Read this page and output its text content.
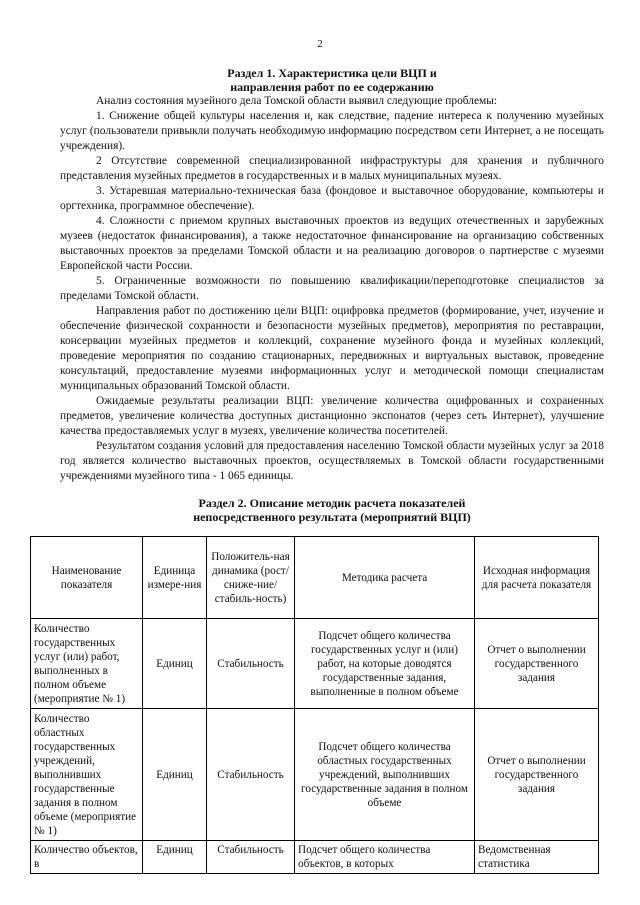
2
Раздел 1. Характеристика цели ВЦП и
направления работ по ее содержанию

Анализ состояния музейного дела Томской области выявил следующие проблемы:

1. Снижение общей культуры населения и, как следствие, падение интереса к получению музейных услуг (пользователи привыкли получать необходимую информацию посредством сети Интернет, а не посещать учреждения).

2 Отсутствие современной специализированной инфраструктуры для хранения и публичного представления музейных предметов в государственных и в малых муниципальных музеях.

3. Устаревшая материально-техническая база (фондовое и выставочное оборудование, компьютеры и оргтехника, программное обеспечение).

4. Сложности с приемом крупных выставочных проектов из ведущих отечественных и зарубежных музеев (недостаток финансирования), а также недостаточное финансирование на организацию собственных выставочных проектов за пределами Томской области и на реализацию договоров о партнерстве с музеями Европейской части России.

5. Ограниченные возможности по повышению квалификации/переподготовке специалистов за пределами Томской области.

Направления работ по достижению цели ВЦП: оцифровка предметов (формирование, учет, изучение и обеспечение физической сохранности и безопасности музейных предметов), мероприятия по реставрации, консервации музейных предметов и коллекций, сохранение музейного фонда и музейных коллекций, проведение мероприятия по созданию стационарных, передвижных и виртуальных выставок, проведение консультаций, предоставление музеями информационных услуг и методической помощи специалистам муниципальных образований Томской области.

Ожидаемые результаты реализации ВЦП: увеличение количества оцифрованных и сохраненных предметов, увеличение количества доступных дистанционно экспонатов (через сеть Интернет), улучшение качества предоставляемых услуг в музеях, увеличение количества посетителей.

Результатом создания условий для предоставления населению Томской области музейных услуг за 2018 год является количество выставочных проектов, осуществляемых в Томской области государственными учреждениями музейного типа - 1 065 единицы.

Раздел 2. Описание методик расчета показателей
непосредственного результата (мероприятий ВЦП)
Наименование показателя	Единица измере-ния	Положитель-ная динамика (рост/сниже-ние/стабиль-ность)	Методика расчета	Исходная информация для расчета показателя
Количество государственных услуг (или) работ, выполненных в полном объеме (мероприятие № 1)	Единиц	Стабильность	Подсчет общего количества государственных услуг и (или) работ, на которые доводятся государственные задания, выполненные в полном объеме	Отчет о выполнении государственного задания
Количество областных государственных учреждений, выполнивших государственные задания в полном объеме (мероприятие № 1)	Единиц	Стабильность	Подсчет общего количества областных государственных учреждений, выполнивших государственные задания в полном объеме	Отчет о выполнении государственного задания
Количество объектов, в	Единиц	Стабильность	Подсчет общего количества объектов, в которых	Ведомственная статистика
